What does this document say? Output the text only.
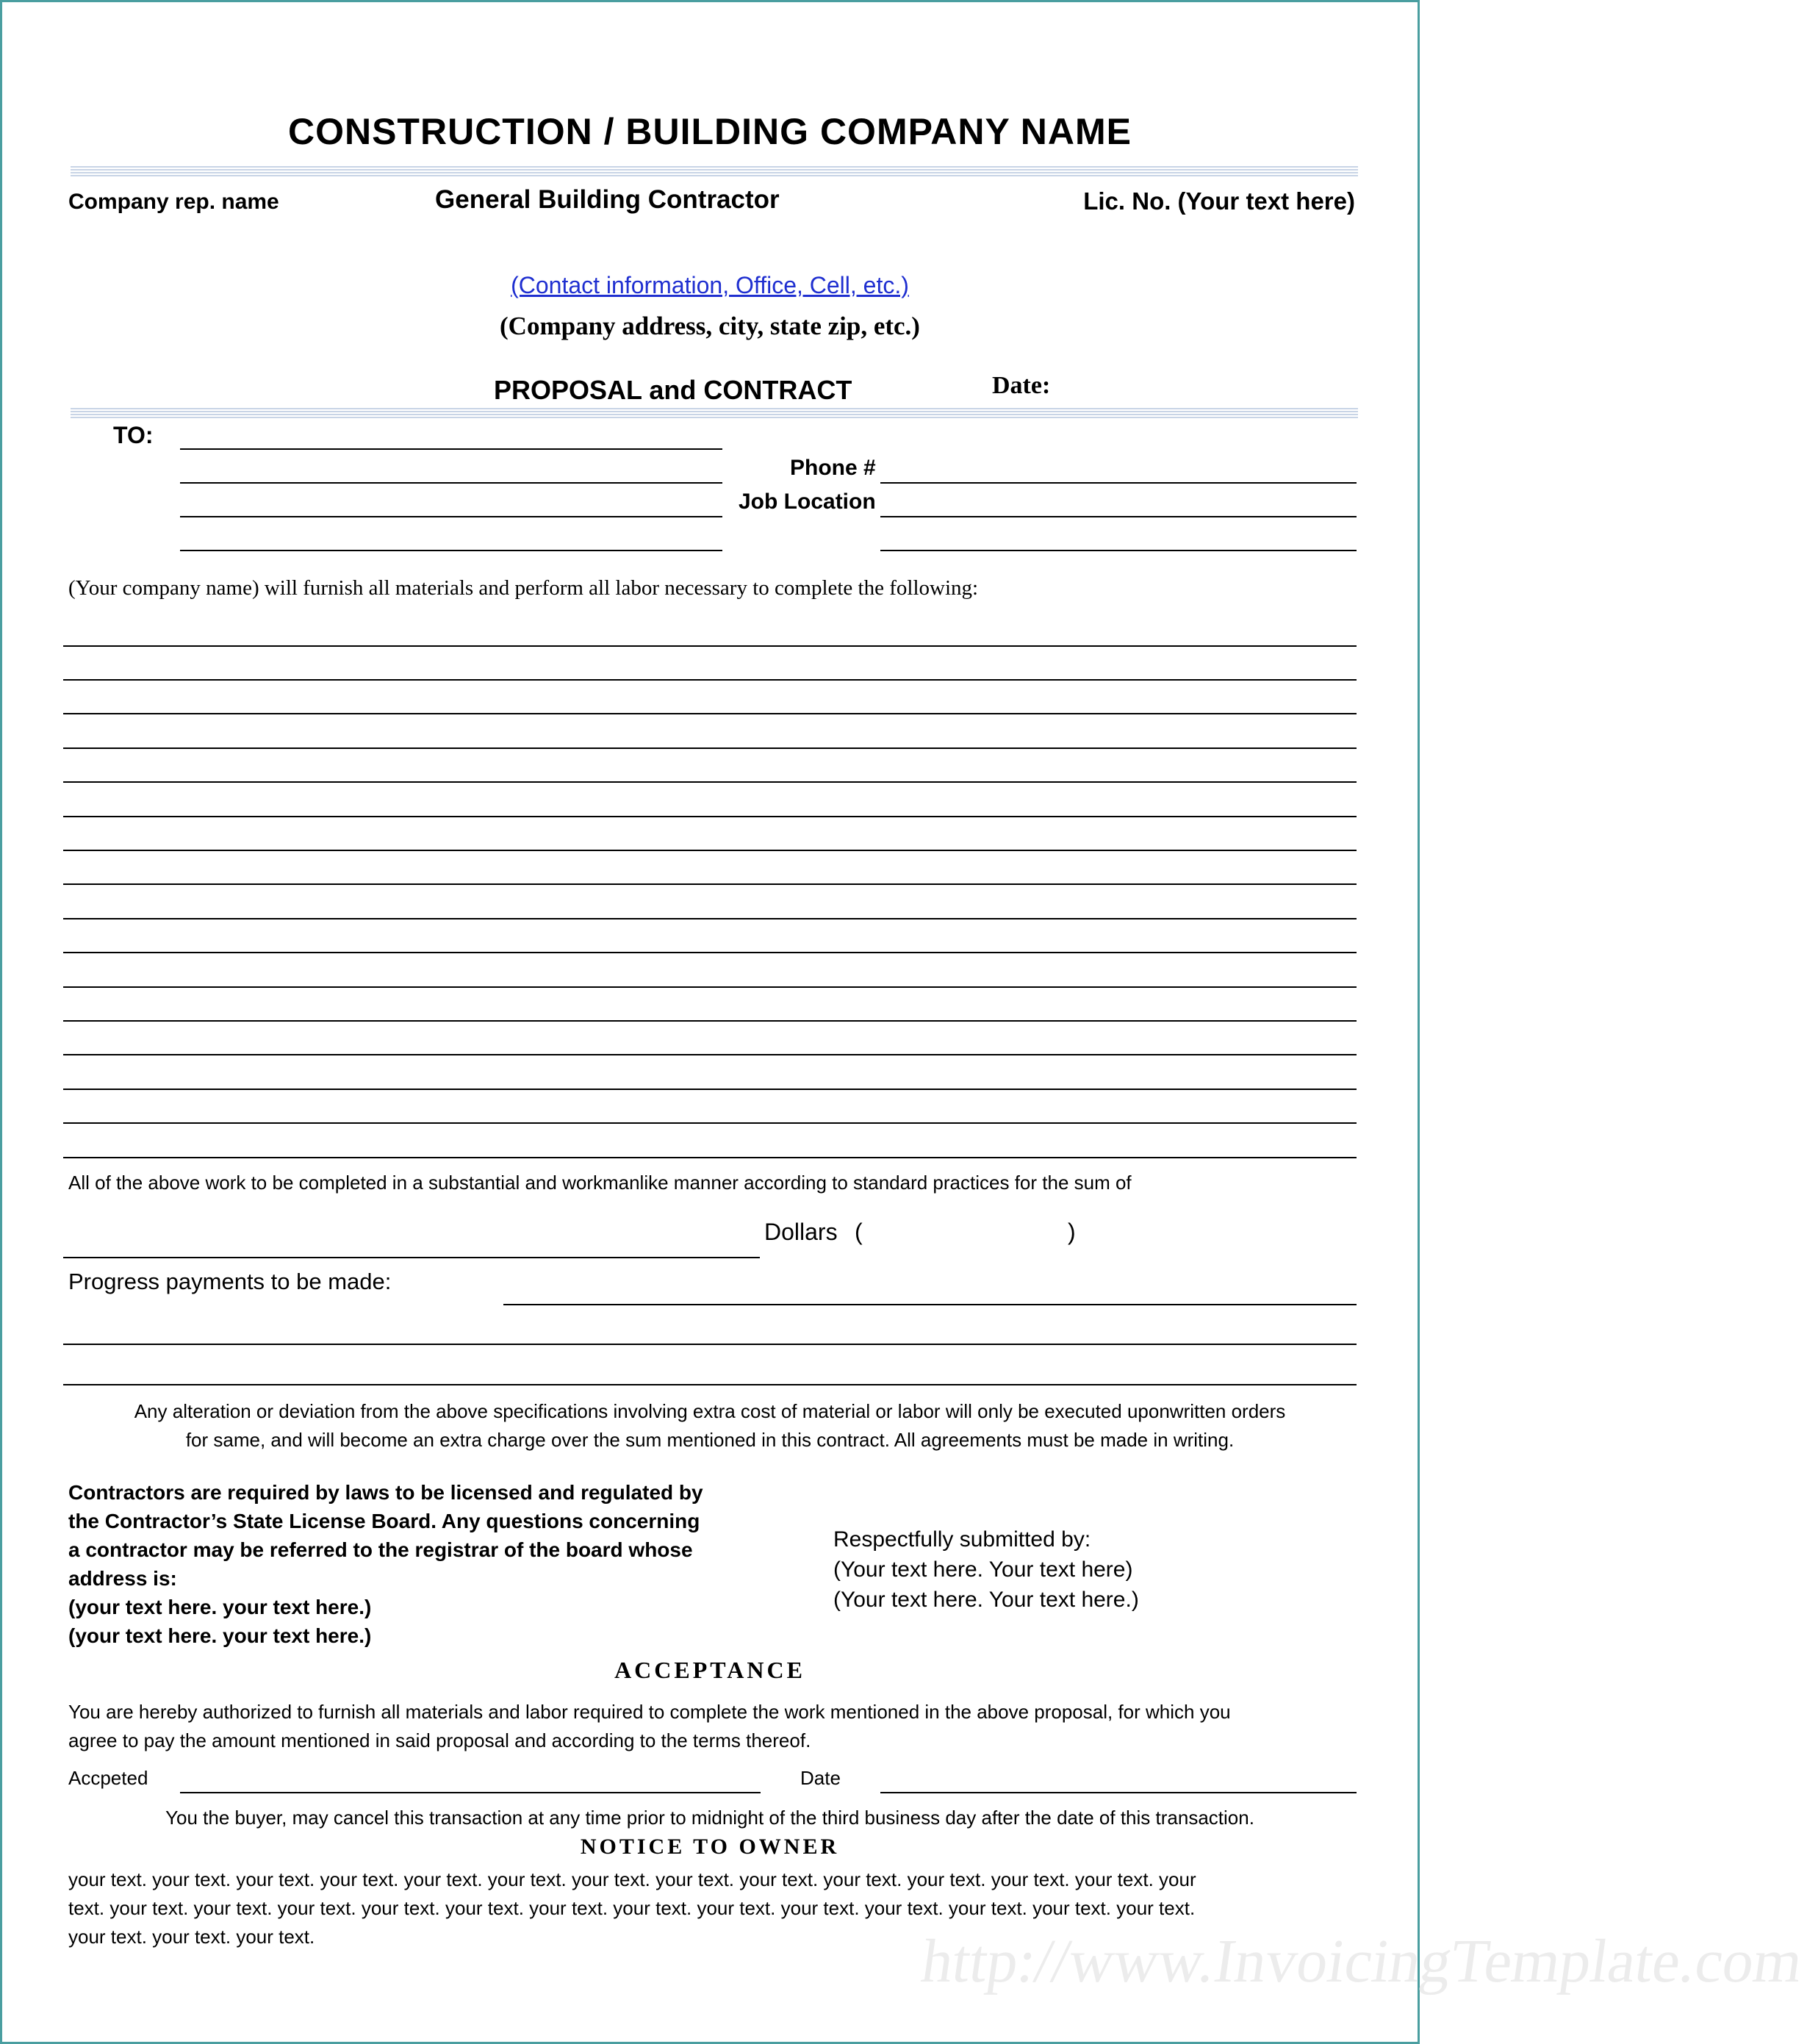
CONSTRUCTION / BUILDING COMPANY NAME
Company rep. name	General Building Contractor	Lic. No. (Your text here)
(Contact information, Office, Cell, etc.)
(Company address, city, state zip, etc.)
PROPOSAL and CONTRACT	Date:
TO:
Phone #
Job Location
(Your company name) will furnish all materials and perform all labor necessary to complete the following:
All of the above work to be completed in a substantial and workmanlike manner according to standard practices for the sum of
Dollars (	)
Progress payments to be made:
Any alteration or deviation from the above specifications involving extra cost of material or labor will only be executed uponwritten orders
for same, and will become an extra charge over the sum mentioned in this contract. All agreements must be made in writing.
Contractors are required by laws to be licensed and regulated by
the Contractor’s State License Board. Any questions concerning
a contractor may be referred to the registrar of the board whose
address is:
(your text here. your text here.)
(your text here. your text here.)
Respectfully submitted by:
(Your text here. Your text here)
(Your text here. Your text here.)
ACCEPTANCE
You are hereby authorized to furnish all materials and labor required to complete the work mentioned in the above proposal, for which you
agree to pay the amount mentioned in said proposal and according to the terms thereof.
Accpeted	Date
You the buyer, may cancel this transaction at any time prior to midnight of the third business day after the date of this transaction.
NOTICE TO OWNER
your text. your text. your text. your text. your text. your text. your text. your text. your text. your text. your text. your text. your text. your
text. your text. your text. your text. your text. your text. your text. your text. your text. your text. your text. your text. your text. your text.
your text. your text. your text.	http://www.InvoicingTemplate.com
